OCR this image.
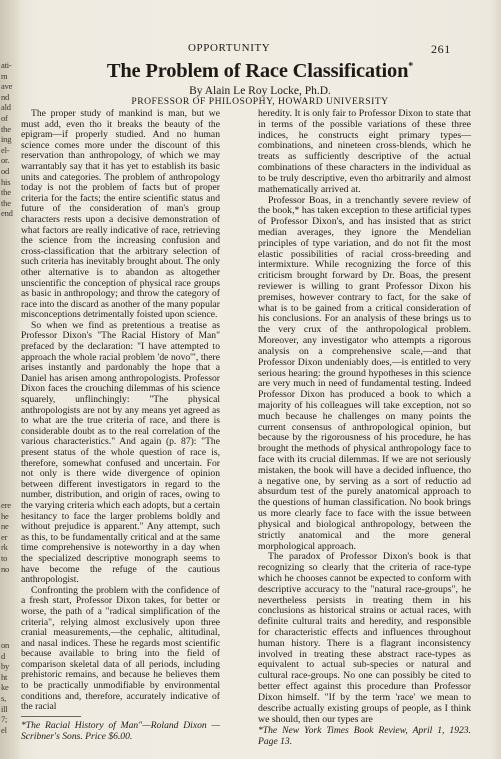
ati-
m
ave
nd
ald
of
the
ing
el-
or.
od
his
the
the
end
ere
he
ne
er
rk
to
no
on
d
by
ht
ke
s,
ill
7;
el
OPPORTUNITY	261
The Problem of Race Classification*
By Alain Le Roy Locke, Ph.D.
PROFESSOR OF PHILOSOPHY, HOWARD UNIVERSITY

The proper study of mankind is man, but we must add, even tho it breaks the beauty of the epigram—if properly studied. And no human science comes more under the discount of this reservation than anthropology, of which we may warrantably say that it has yet to establish its basic units and categories. The problem of anthropology today is not the problem of facts but of proper criteria for the facts; the entire scientific status and future of the consideration of man's group characters rests upon a decisive demonstration of what factors are really indicative of race, retrieving the science from the increasing confusion and cross-classification that the arbitrary selection of such criteria has inevitably brought about. The only other alternative is to abandon as altogether unscientific the conception of physical race groups as basic in anthropology; and throw the category of race into the discard as another of the many popular misconceptions detrimentally foisted upon science.

So when we find as pretentious a treatise as Professor Dixon's "The Racial History of Man" prefaced by the declaration: "I have attempted to approach the whole racial problem 'de novo'", there arises instantly and pardonably the hope that a Daniel has arisen among anthropologists. Professor Dixon faces the crouching dilemmas of his science squarely, unflinchingly: "The physical anthropologists are not by any means yet agreed as to what are the true criteria of race, and there is considerable doubt as to the real correlation of the various characteristics." And again (p. 87): "The present status of the whole question of race is, therefore, somewhat confused and uncertain. For not only is there wide divergence of opinion between different investigators in regard to the number, distribution, and origin of races, owing to the varying criteria which each adopts, but a certain hesitancy to face the larger problems boldly and without prejudice is apparent." Any attempt, such as this, to be fundamentally critical and at the same time comprehensive is noteworthy in a day when the specialized descriptive monograph seems to have become the refuge of the cautious anthropologist.

Confronting the problem with the confidence of a fresh start, Professor Dixon takes, for better or worse, the path of a "radical simplification of the criteria", relying almost exclusively upon three cranial measurements,—the cephalic, altitudinal, and nasal indices. These he regards most scientific because available to bring into the field of comparison skeletal data of all periods, including prehistoric remains, and because he believes them to be practically unmodifiable by environmental conditions and, therefore, accurately indicative of the racial

*The Racial History of Man"—Roland Dixon —Scribner's Sons. Price $6.00.

heredity. It is only fair to Professor Dixon to state that in terms of the possible variations of these three indices, he constructs eight primary types—combinations, and nineteen cross-blends, which he treats as sufficiently descriptive of the actual combinations of these characters in the individual as to be truly descriptive, even tho arbitrarily and almost mathematically arrived at.

Professor Boas, in a trenchantly severe review of the book,* has taken exception to these artificial types of Professor Dixon's, and has insisted that as strict median averages, they ignore the Mendelian principles of type variation, and do not fit the most elastic possibilities of racial cross-breeding and intermixture. While recognizing the force of this criticism brought forward by Dr. Boas, the present reviewer is willing to grant Professor Dixon his premises, however contrary to fact, for the sake of what is to be gained from a critical consideration of his conclusions. For an analysis of these brings us to the very crux of the anthropological problem. Moreover, any investigator who attempts a rigorous analysis on a comprehensive scale,—and that Professor Dixon undeniably does,—is entitled to very serious hearing: the ground hypotheses in this science are very much in need of fundamental testing. Indeed Professor Dixon has produced a book to which a majority of his colleagues will take exception, not so much because he challenges on many points the current consensus of anthropological opinion, but because by the rigorousness of his procedure, he has brought the methods of physical anthropology face to face with its crucial dilemmas. If we are not seriously mistaken, the book will have a decided influence, tho a negative one, by serving as a sort of reductio ad absurdum test of the purely anatomical approach to the questions of human classification. No book brings us more clearly face to face with the issue between physical and biological anthropology, between the strictly anatomical and the more general morphological approach.

The paradox of Professor Dixon's book is that recognizing so clearly that the criteria of race-type which he chooses cannot be expected to conform with descriptive accuracy to the "natural race-groups", he nevertheless persists in treating them in his conclusions as historical strains or actual races, with definite cultural traits and heredity, and responsible for characteristic effects and influences throughout human history. There is a flagrant inconsistency involved in treating these abstract race-types as equivalent to actual sub-species or natural and cultural race-groups. No one can possibly be cited to better effect against this procedure than Professor Dixon himself. "If by the term 'race' we mean to describe actually existing groups of people, as I think we should, then our types are

*The New York Times Book Review, April 1, 1923. Page 13.
